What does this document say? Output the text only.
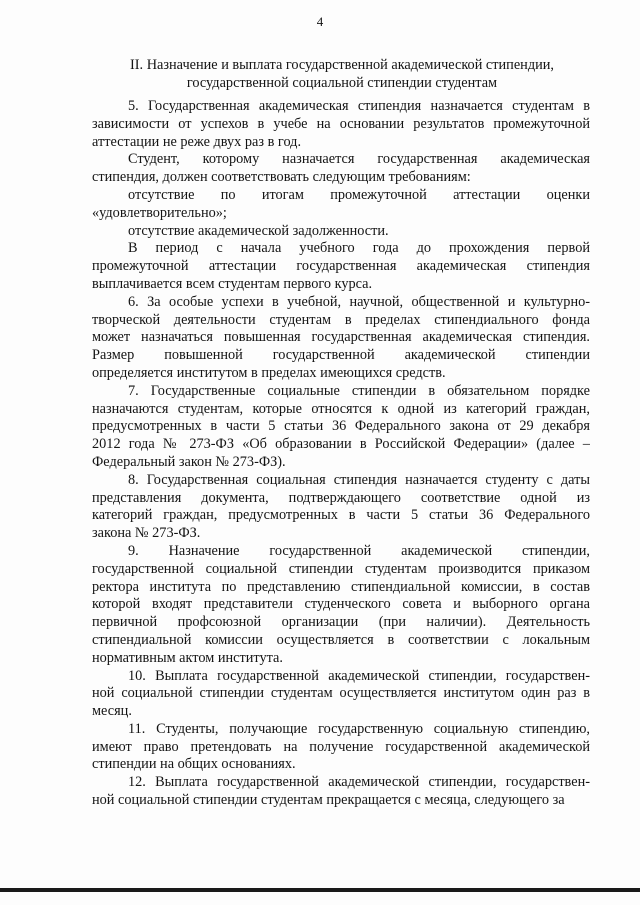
4
II. Назначение и выплата государственной академической стипендии,
государственной социальной стипендии студентам
5. Государственная академическая стипендия назначается студентам в
зависимости от успехов в учебе на основании результатов промежуточной
аттестации не реже двух раз в год.
Студент, которому назначается государственная академическая
стипендия, должен соответствовать следующим требованиям:
отсутствие по итогам промежуточной аттестации оценки
«удовлетворительно»;
отсутствие академической задолженности.
В период с начала учебного года до прохождения первой
промежуточной аттестации государственная академическая стипендия
выплачивается всем студентам первого курса.
6. За особые успехи в учебной, научной, общественной и культурно-
творческой деятельности студентам в пределах стипендиального фонда
может назначаться повышенная государственная академическая стипендия.
Размер повышенной государственной академической стипендии
определяется институтом в пределах имеющихся средств.
7. Государственные социальные стипендии в обязательном порядке
назначаются студентам, которые относятся к одной из категорий граждан,
предусмотренных в части 5 статьи 36 Федерального закона от 29 декабря
2012 года № 273-ФЗ «Об образовании в Российской Федерации» (далее –
Федеральный закон № 273-ФЗ).
8. Государственная социальная стипендия назначается студенту с даты
представления документа, подтверждающего соответствие одной из
категорий граждан, предусмотренных в части 5 статьи 36 Федерального
закона № 273-ФЗ.
9. Назначение государственной академической стипендии,
государственной социальной стипендии студентам производится приказом
ректора института по представлению стипендиальной комиссии, в состав
которой входят представители студенческого совета и выборного органа
первичной профсоюзной организации (при наличии). Деятельность
стипендиальной комиссии осуществляется в соответствии с локальным
нормативным актом института.
10. Выплата государственной академической стипендии, государствен-
ной социальной стипендии студентам осуществляется институтом один раз в
месяц.
11. Студенты, получающие государственную социальную стипендию,
имеют право претендовать на получение государственной академической
стипендии на общих основаниях.
12. Выплата государственной академической стипендии, государствен-
ной социальной стипендии студентам прекращается с месяца, следующего за
